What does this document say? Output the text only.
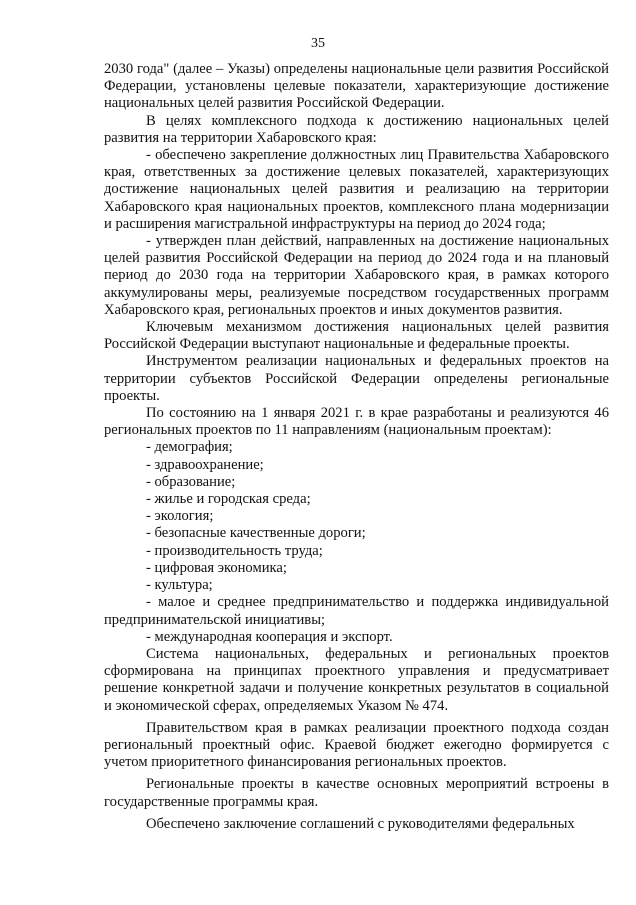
35

2030 года" (далее – Указы) определены национальные цели развития Российской Федерации, установлены целевые показатели, характеризующие достижение национальных целей развития Российской Федерации.

В целях комплексного подхода к достижению национальных целей развития на территории Хабаровского края:

- обеспечено закрепление должностных лиц Правительства Хабаровского края, ответственных за достижение целевых показателей, характеризующих достижение национальных целей развития и реализацию на территории Хабаровского края национальных проектов, комплексного плана модернизации и расширения магистральной инфраструктуры на период до 2024 года;

- утвержден план действий, направленных на достижение национальных целей развития Российской Федерации на период до 2024 года и на плановый период до 2030 года на территории Хабаровского края, в рамках которого аккумулированы меры, реализуемые посредством государственных программ Хабаровского края, региональных проектов и иных документов развития.

Ключевым механизмом достижения национальных целей развития Российской Федерации выступают национальные и федеральные проекты.

Инструментом реализации национальных и федеральных проектов на территории субъектов Российской Федерации определены региональные проекты.

По состоянию на 1 января 2021 г. в крае разработаны и реализуются 46 региональных проектов по 11 направлениям (национальным проектам):

- демография;
- здравоохранение;
- образование;
- жилье и городская среда;
- экология;
- безопасные качественные дороги;
- производительность труда;
- цифровая экономика;
- культура;
- малое и среднее предпринимательство и поддержка индивидуальной предпринимательской инициативы;
- международная кооперация и экспорт.

Система национальных, федеральных и региональных проектов сформирована на принципах проектного управления и предусматривает решение конкретной задачи и получение конкретных результатов в социальной и экономической сферах, определяемых Указом № 474.

Правительством края в рамках реализации проектного подхода создан региональный проектный офис. Краевой бюджет ежегодно формируется с учетом приоритетного финансирования региональных проектов.

Региональные проекты в качестве основных мероприятий встроены в государственные программы края.

Обеспечено заключение соглашений с руководителями федеральных
